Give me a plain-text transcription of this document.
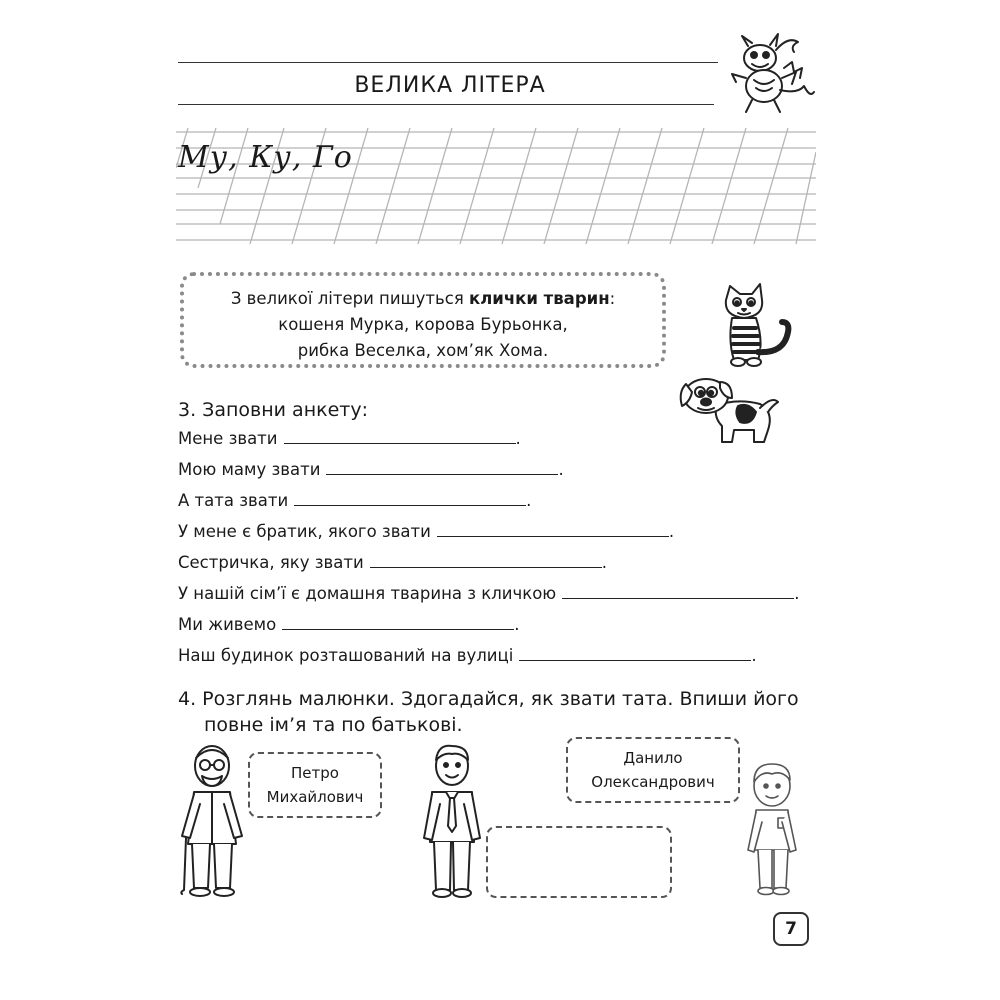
ВЕЛИКА ЛІТЕРА
Му, Ку, Го
З великої літери пишуться клички тварин:
кошеня Мурка, корова Бурьонка,
рибка Веселка, хом’як Хома.
3. Заповни анкету:
Мене звати	.
Мою маму звати	.
А тата звати	.
У мене є братик, якого звати	.
Сестричка, яку звати	.
У нашій сім’ї є домашня тварина з кличкою	.
Ми живемо	.
Наш будинок розташований на вулиці	.
4. Розглянь малюнки. Здогадайся, як звати тата. Впиши його
повне ім’я та по батькові.
Петро
Михайлович
Данило
Олександрович
7
